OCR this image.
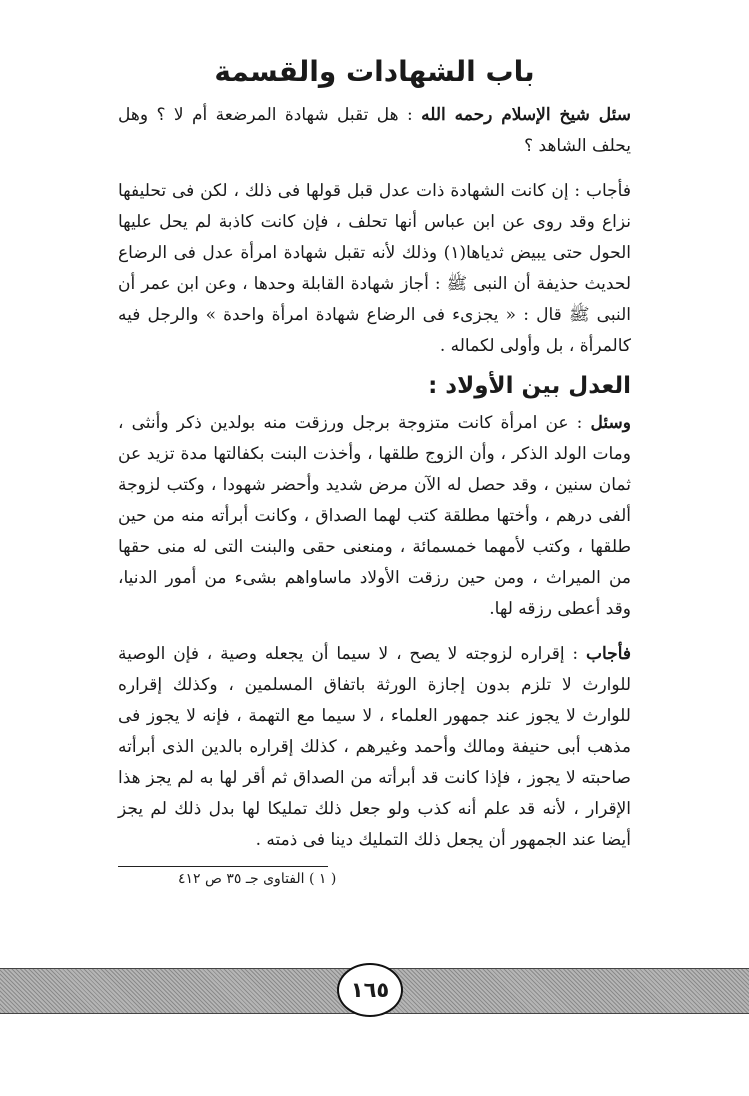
باب الشهادات والقسمة

سئل شيخ الإسلام رحمه الله : هل تقبل شهادة المرضعة أم لا ؟ وهل يحلف الشاهد ؟

فأجاب : إن كانت الشهادة ذات عدل قبل قولها فى ذلك ، لكن فى تحليفها نزاع وقد روى عن ابن عباس أنها تحلف ، فإن كانت كاذبة لم يحل عليها الحول حتى يبيض ثدياها(١) وذلك لأنه تقبل شهادة امرأة عدل فى الرضاع لحديث حذيفة أن النبى ﷺ : أجاز شهادة القابلة وحدها ، وعن ابن عمر أن النبى ﷺ قال : « يجزىء فى الرضاع شهادة امرأة واحدة » والرجل فيه كالمرأة ، بل وأولى لكماله .

العدل بين الأولاد :

وسئل : عن امرأة كانت متزوجة برجل ورزقت منه بولدين ذكر وأنثى ، ومات الولد الذكر ، وأن الزوج طلقها ، وأخذت البنت بكفالتها مدة تزيد عن ثمان سنين ، وقد حصل له الآن مرض شديد وأحضر شهودا ، وكتب لزوجة ألفى درهم ، وأختها مطلقة كتب لهما الصداق ، وكانت أبرأته منه من حين طلقها ، وكتب لأمهما خمسمائة ، ومنعنى حقى والبنت التى له منى حقها من الميراث ، ومن حين رزقت الأولاد ماساواهم بشىء من أمور الدنيا، وقد أعطى رزقه لها.

فأجاب : إقراره لزوجته لا يصح ، لا سيما أن يجعله وصية ، فإن الوصية للوارث لا تلزم بدون إجازة الورثة باتفاق المسلمين ، وكذلك إقراره للوارث لا يجوز عند جمهور العلماء ، لا سيما مع التهمة ، فإنه لا يجوز فى مذهب أبى حنيفة ومالك وأحمد وغيرهم ، كذلك إقراره بالدين الذى أبرأته صاحبته لا يجوز ، فإذا كانت قد أبرأته من الصداق ثم أقر لها به لم يجز هذا الإقرار ، لأنه قد علم أنه كذب ولو جعل ذلك تمليكا لها بدل ذلك لم يجز أيضا عند الجمهور أن يجعل ذلك التمليك دينا فى ذمته .

( ١ ) الفتاوى جـ ٣٥ ص ٤١٢
١٦٥
